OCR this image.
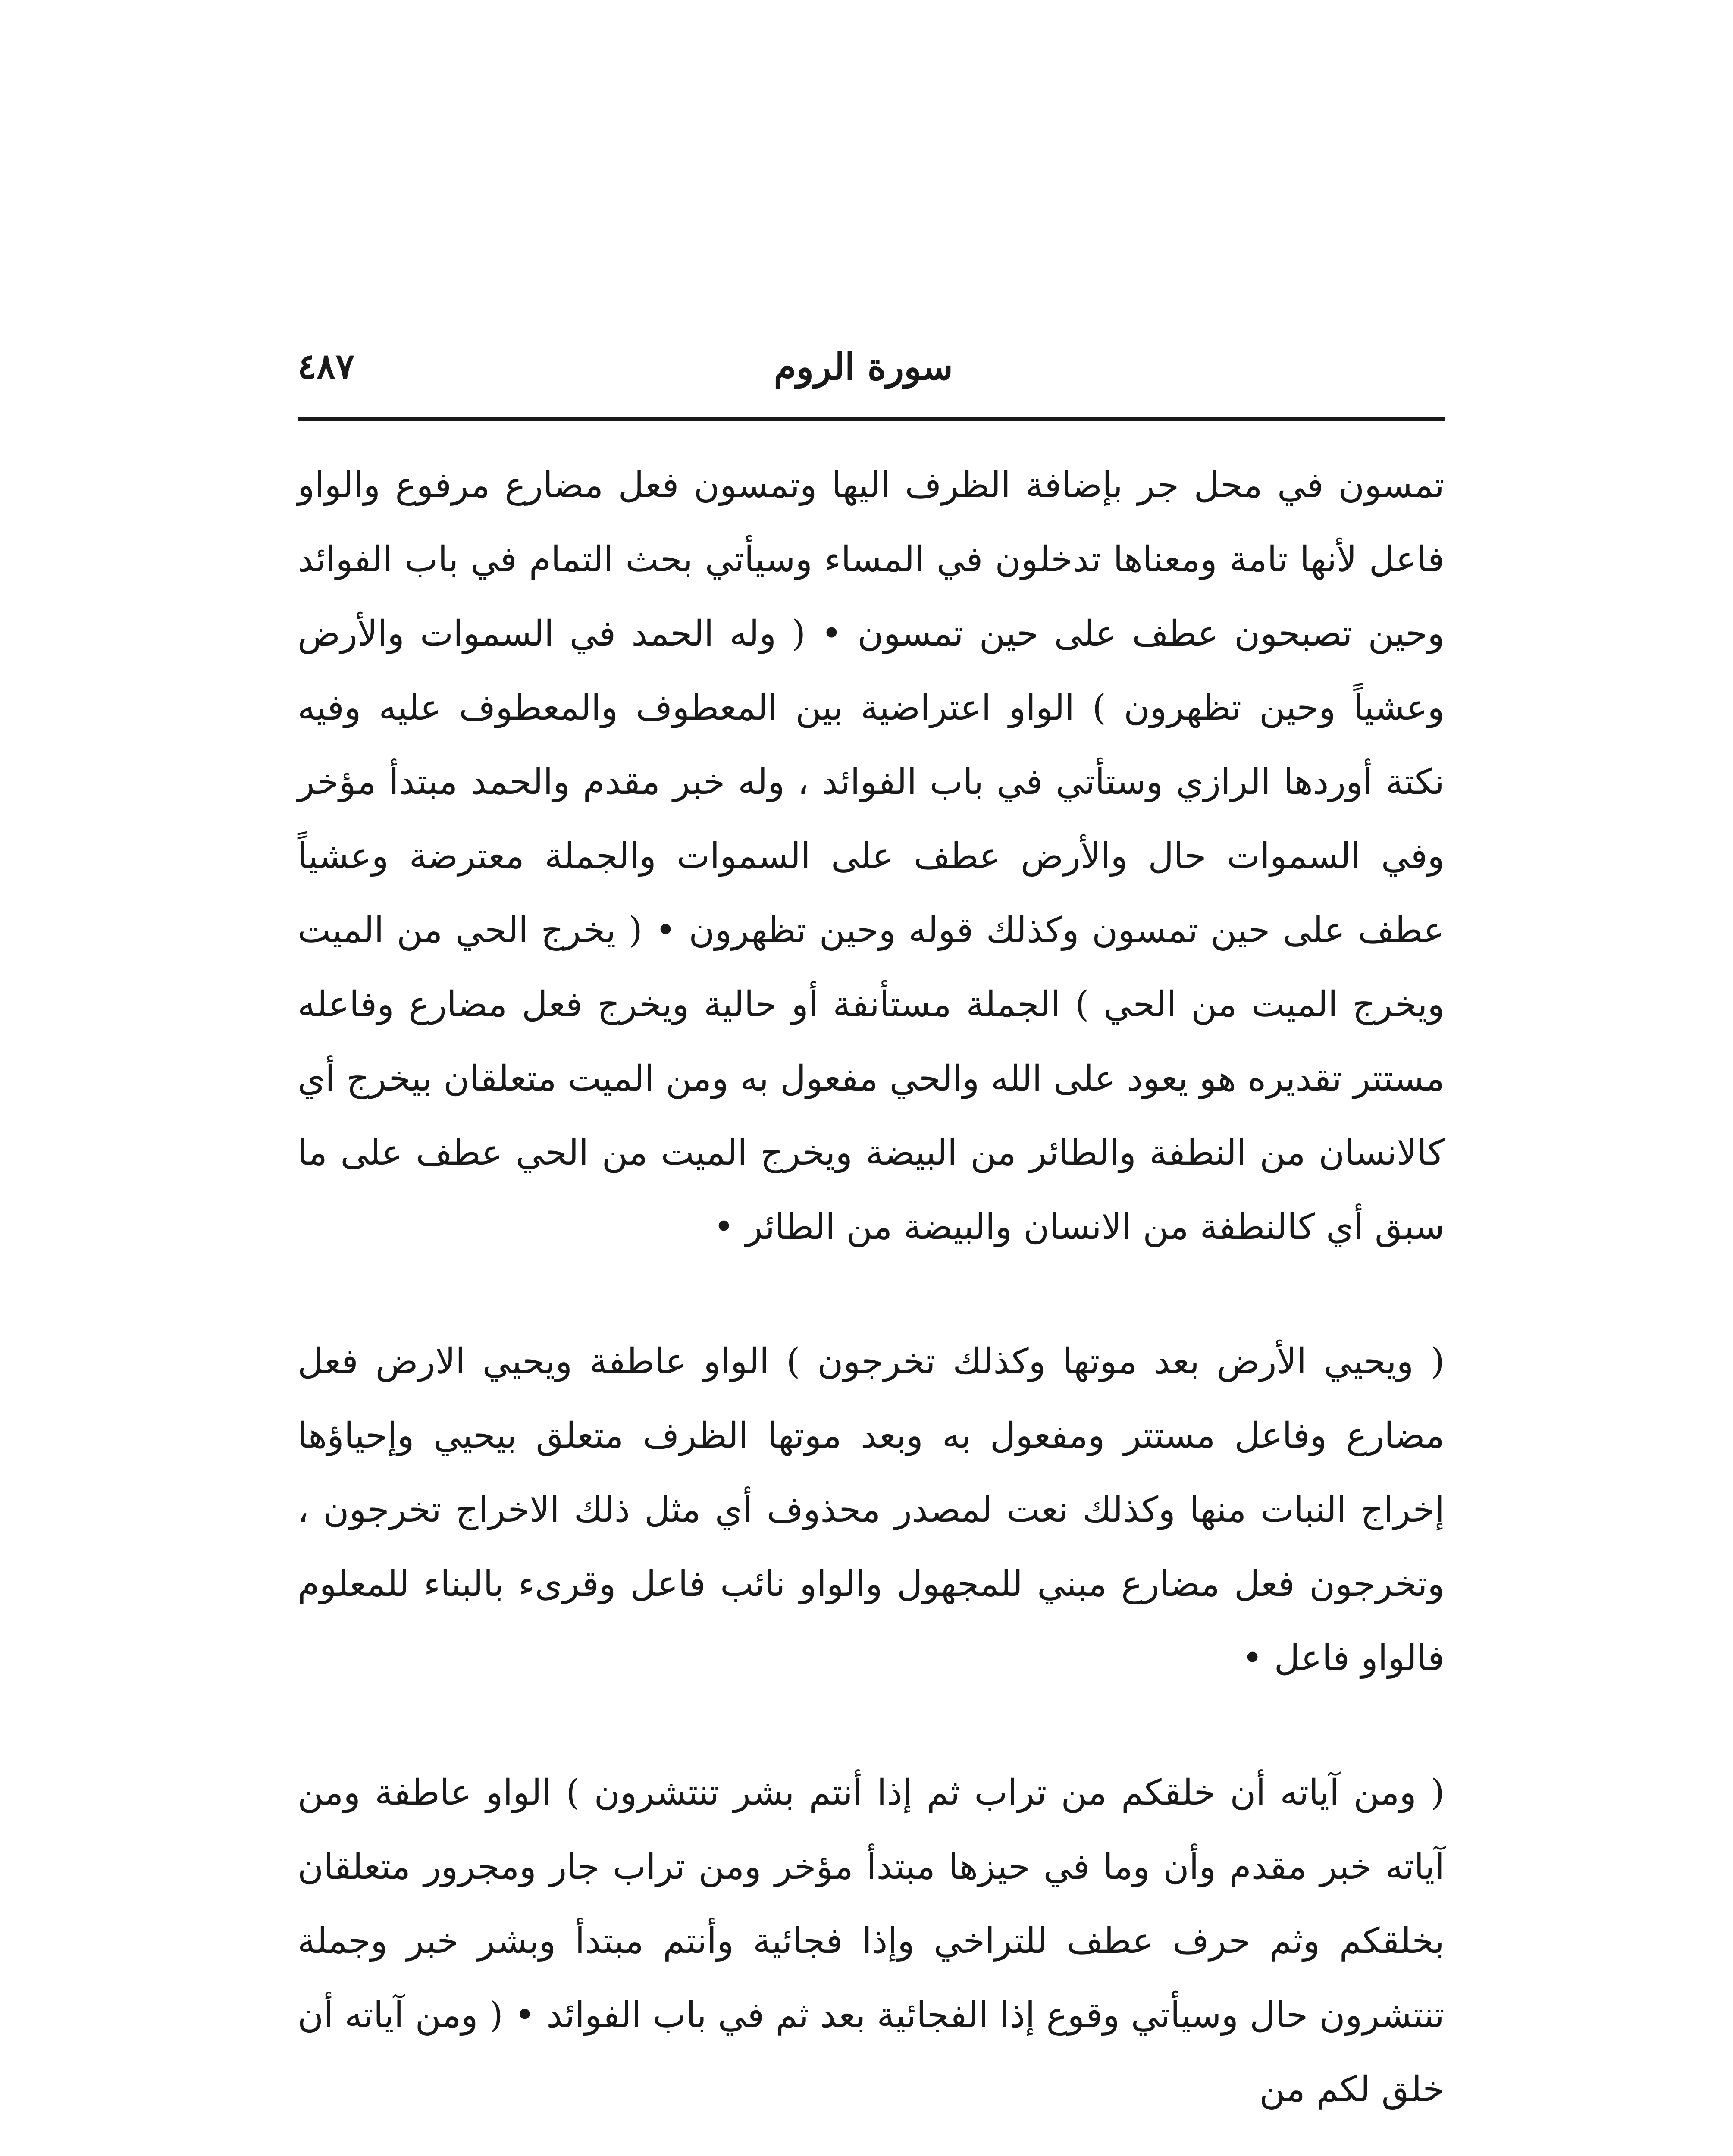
٤٨٧	سورة الروم

تمسون في محل جر بإضافة الظرف اليها وتمسون فعل مضارع مرفوع والواو فاعل لأنها تامة ومعناها تدخلون في المساء وسيأتي بحث التمام في باب الفوائد وحين تصبحون عطف على حين تمسون • ( وله الحمد في السموات والأرض وعشياً وحين تظهرون ) الواو اعتراضية بين المعطوف والمعطوف عليه وفيه نكتة أوردها الرازي وستأتي في باب الفوائد ، وله خبر مقدم والحمد مبتدأ مؤخر وفي السموات حال والأرض عطف على السموات والجملة معترضة وعشياً عطف على حين تمسون وكذلك قوله وحين تظهرون • ( يخرج الحي من الميت ويخرج الميت من الحي ) الجملة مستأنفة أو حالية ويخرج فعل مضارع وفاعله مستتر تقديره هو يعود على الله والحي مفعول به ومن الميت متعلقان بيخرج أي كالانسان من النطفة والطائر من البيضة ويخرج الميت من الحي عطف على ما سبق أي كالنطفة من الانسان والبيضة من الطائر •

( ويحيي الأرض بعد موتها وكذلك تخرجون ) الواو عاطفة ويحيي الارض فعل مضارع وفاعل مستتر ومفعول به وبعد موتها الظرف متعلق بيحيي وإحياؤها إخراج النبات منها وكذلك نعت لمصدر محذوف أي مثل ذلك الاخراج تخرجون ، وتخرجون فعل مضارع مبني للمجهول والواو نائب فاعل وقرىء بالبناء للمعلوم فالواو فاعل •

( ومن آياته أن خلقكم من تراب ثم إذا أنتم بشر تنتشرون ) الواو عاطفة ومن آياته خبر مقدم وأن وما في حيزها مبتدأ مؤخر ومن تراب جار ومجرور متعلقان بخلقكم وثم حرف عطف للتراخي وإذا فجائية وأنتم مبتدأ وبشر خبر وجملة تنتشرون حال وسيأتي وقوع إذا الفجائية بعد ثم في باب الفوائد • ( ومن آياته أن خلق لكم من
